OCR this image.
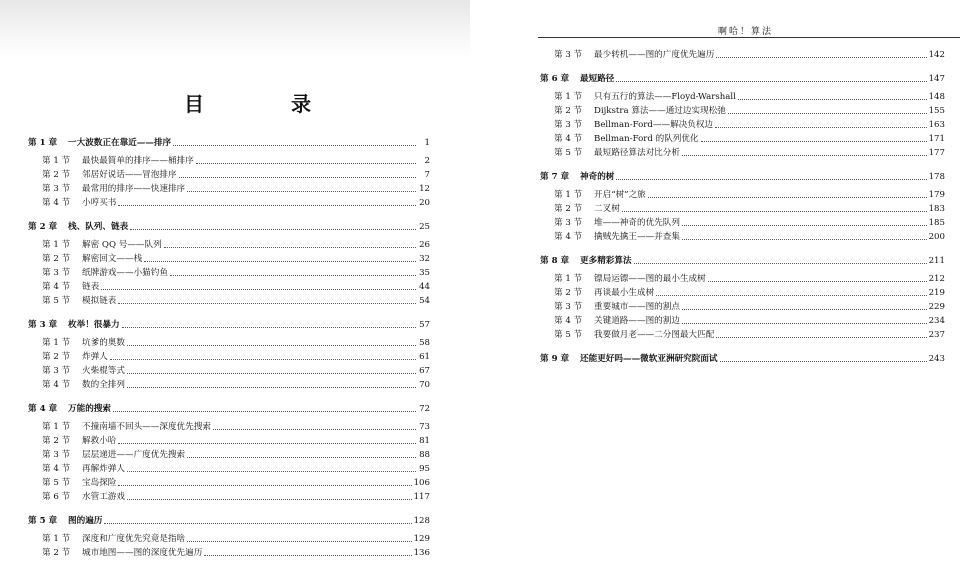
目 录
第 1 章	一大波数正在靠近——排序	1
第 1 节	最快最简单的排序——桶排序	2
第 2 节	邻居好说话——冒泡排序	7
第 3 节	最常用的排序——快速排序	12
第 4 节	小哼买书	20
第 2 章	栈、队列、链表	25
第 1 节	解密 QQ 号——队列	26
第 2 节	解密回文——栈	32
第 3 节	纸牌游戏——小猫钓鱼	35
第 4 节	链表	44
第 5 节	模拟链表	54
第 3 章	枚举！很暴力	57
第 1 节	坑爹的奥数	58
第 2 节	炸弹人	61
第 3 节	火柴棍等式	67
第 4 节	数的全排列	70
第 4 章	万能的搜索	72
第 1 节	不撞南墙不回头——深度优先搜索	73
第 2 节	解救小哈	81
第 3 节	层层递进——广度优先搜索	88
第 4 节	再解炸弹人	95
第 5 节	宝岛探险	106
第 6 节	水管工游戏	117
第 5 章	图的遍历	128
第 1 节	深度和广度优先究竟是指啥	129
第 2 节	城市地图——图的深度优先遍历	136
啊哈！算法
第 3 节	最少转机——图的广度优先遍历	142
第 6 章	最短路径	147
第 1 节	只有五行的算法——Floyd-Warshall	148
第 2 节	Dijkstra 算法——通过边实现松弛	155
第 3 节	Bellman-Ford——解决负权边	163
第 4 节	Bellman-Ford 的队列优化	171
第 5 节	最短路径算法对比分析	177
第 7 章	神奇的树	178
第 1 节	开启“树”之旅	179
第 2 节	二叉树	183
第 3 节	堆——神奇的优先队列	185
第 4 节	擒贼先擒王——并查集	200
第 8 章	更多精彩算法	211
第 1 节	镖局运镖——图的最小生成树	212
第 2 节	再谈最小生成树	219
第 3 节	重要城市——图的割点	229
第 4 节	关键道路——图的割边	234
第 5 节	我要做月老——二分图最大匹配	237
第 9 章	还能更好吗——微软亚洲研究院面试	243
